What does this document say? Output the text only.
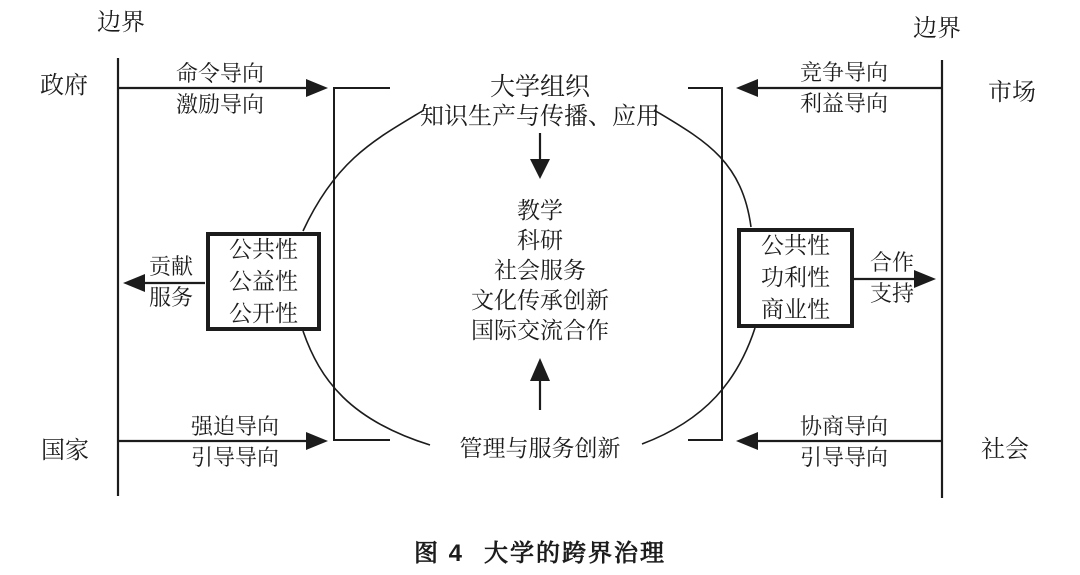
边界	边界
政府
国家
市场
社会
命令导向
激励导向
竞争导向
利益导向
强迫导向
引导导向
协商导向
引导导向
贡献
服务
合作
支持
大学组织
知识生产与传播、应用
教学
科研
社会服务
文化传承创新
国际交流合作
管理与服务创新
公共性
公益性
公开性
公共性
功利性
商业性
图 4 大学的跨界治理
